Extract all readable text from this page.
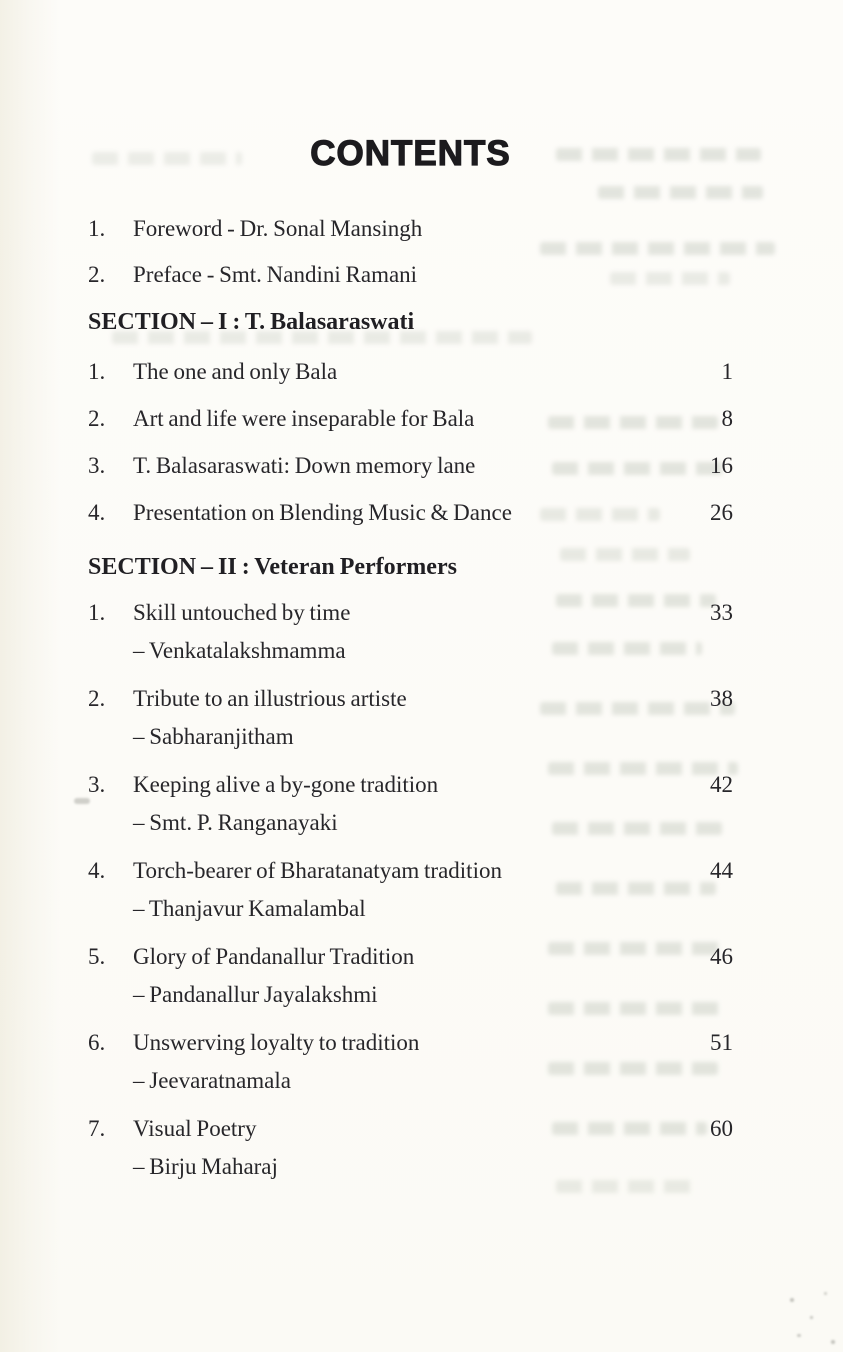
CONTENTS
1.	Foreword - Dr. Sonal Mansingh
2.	Preface - Smt. Nandini Ramani
SECTION – I : T. Balasaraswati
1.	The one and only Bala	1
2.	Art and life were inseparable for Bala	8
3.	T. Balasaraswati: Down memory lane	16
4.	Presentation on Blending Music & Dance	26
SECTION – II : Veteran Performers
1.	Skill untouched by time	33
– Venkatalakshmamma
2.	Tribute to an illustrious artiste	38
– Sabharanjitham
3.	Keeping alive a by-gone tradition	42
– Smt. P. Ranganayaki
4.	Torch-bearer of Bharatanatyam tradition	44
– Thanjavur Kamalambal
5.	Glory of Pandanallur Tradition	46
– Pandanallur Jayalakshmi
6.	Unswerving loyalty to tradition	51
– Jeevaratnamala
7.	Visual Poetry	60
– Birju Maharaj
